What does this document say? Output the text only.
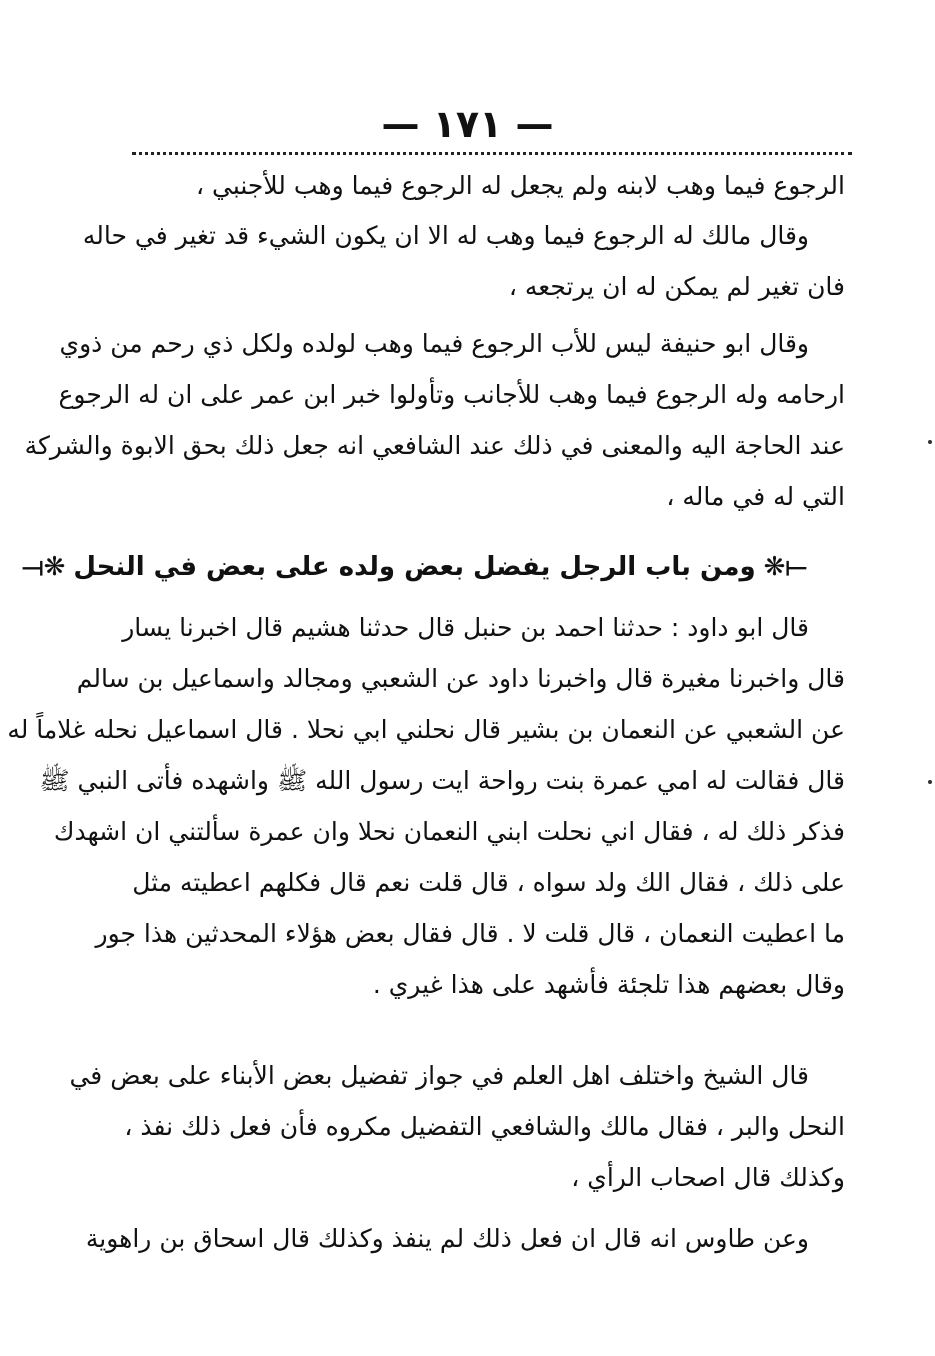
— ١٧١ —
الرجوع فيما وهب لابنه ولم يجعل له الرجوع فيما وهب للأجنبي ،
وقال مالك له الرجوع فيما وهب له الا ان يكون الشيء قد تغير في حاله
فان تغير لم يمكن له ان يرتجعه ،
وقال ابو حنيفة ليس للأب الرجوع فيما وهب لولده ولكل ذي رحم من ذوي
ارحامه وله الرجوع فيما وهب للأجانب وتأولوا خبر ابن عمر على ان له الرجوع
عند الحاجة اليه والمعنى في ذلك عند الشافعي انه جعل ذلك بحق الابوة والشركة
التي له في ماله ،
⟞❋ومن باب الرجل يفضل بعض ولده على بعض في النحل❋⟝
قال ابو داود : حدثنا احمد بن حنبل قال حدثنا هشيم قال اخبرنا يسار
قال واخبرنا مغيرة قال واخبرنا داود عن الشعبي ومجالد واسماعيل بن سالم
عن الشعبي عن النعمان بن بشير قال نحلني ابي نحلا . قال اسماعيل نحله غلاماً له
قال فقالت له امي عمرة بنت رواحة ايت رسول الله ﷺ واشهده فأتى النبي ﷺ
فذكر ذلك له ، فقال اني نحلت ابني النعمان نحلا وان عمرة سألتني ان اشهدك
على ذلك ، فقال الك ولد سواه ، قال قلت نعم قال فكلهم اعطيته مثل
ما اعطيت النعمان ، قال قلت لا . قال فقال بعض هؤلاء المحدثين هذا جور
وقال بعضهم هذا تلجئة فأشهد على هذا غيري .
قال الشيخ واختلف اهل العلم في جواز تفضيل بعض الأبناء على بعض في
النحل والبر ، فقال مالك والشافعي التفضيل مكروه فأن فعل ذلك نفذ ،
وكذلك قال اصحاب الرأي ،
وعن طاوس انه قال ان فعل ذلك لم ينفذ وكذلك قال اسحاق بن راهوية
